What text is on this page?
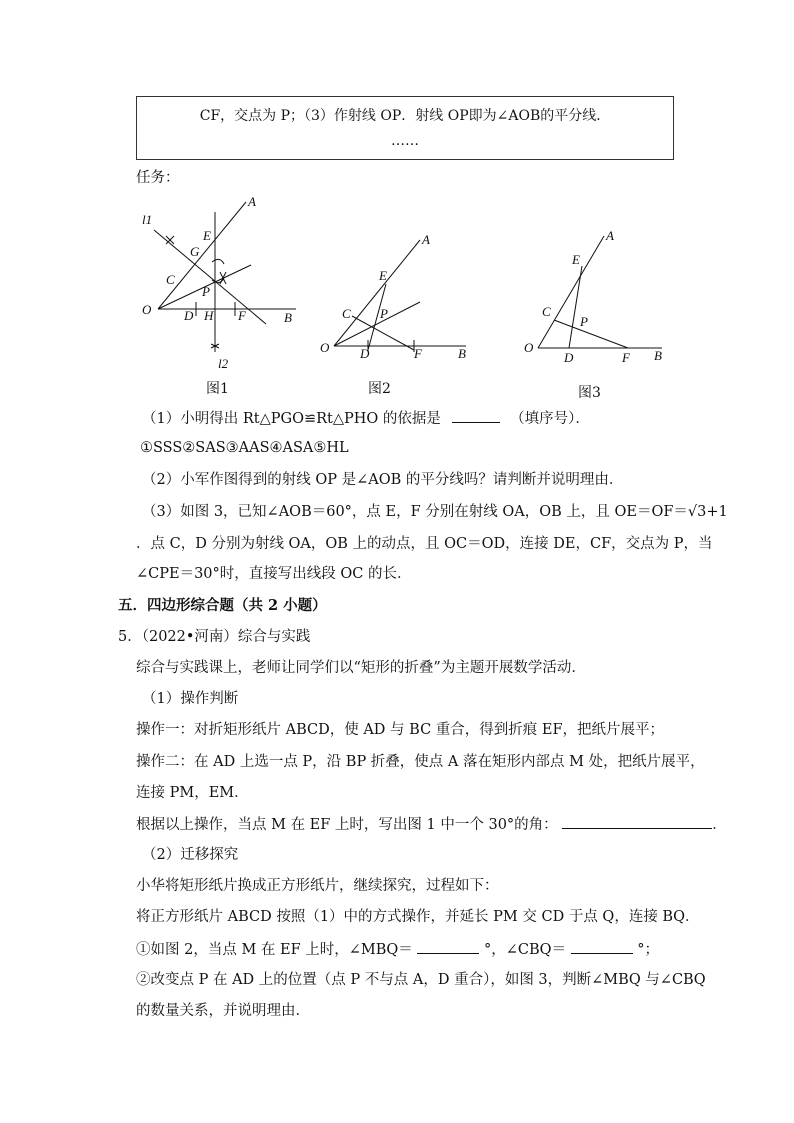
CF，交点为 P；（3）作射线 OP．射线 OP即为∠AOB的平分线．
……
任务：
A
l1
E
G
C
P
O	D H F	B
l2
图1
A
E
P
C
O D	F	B
图2
A
E
C
P
O
D	F B
图3
（1）小明得出 Rt△PGO≌Rt△PHO 的依据是	（填序号）．
①SSS②SAS③AAS④ASA⑤HL
（2）小军作图得到的射线 OP 是∠AOB 的平分线吗？请判断并说明理由．
（3）如图 3，已知∠AOB＝60°，点 E，F 分别在射线 OA，OB 上，且 OE＝OF＝√3+1
．点 C，D 分别为射线 OA，OB 上的动点，且 OC＝OD，连接 DE，CF，交点为 P，当
∠CPE＝30°时，直接写出线段 OC 的长．
五．四边形综合题（共 2 小题）
5．（2022•河南）综合与实践
综合与实践课上，老师让同学们以“矩形的折叠”为主题开展数学活动．
（1）操作判断
操作一：对折矩形纸片 ABCD，使 AD 与 BC 重合，得到折痕 EF，把纸片展平；
操作二：在 AD 上选一点 P，沿 BP 折叠，使点 A 落在矩形内部点 M 处，把纸片展平，
连接 PM，EM．
根据以上操作，当点 M 在 EF 上时，写出图 1 中一个 30°的角：	．
（2）迁移探究
小华将矩形纸片换成正方形纸片，继续探究，过程如下：
将正方形纸片 ABCD 按照（1）中的方式操作，并延长 PM 交 CD 于点 Q，连接 BQ．
①如图 2，当点 M 在 EF 上时，∠MBQ＝	°，∠CBQ＝	°；
②改变点 P 在 AD 上的位置（点 P 不与点 A，D 重合），如图 3，判断∠MBQ 与∠CBQ
的数量关系，并说明理由．
